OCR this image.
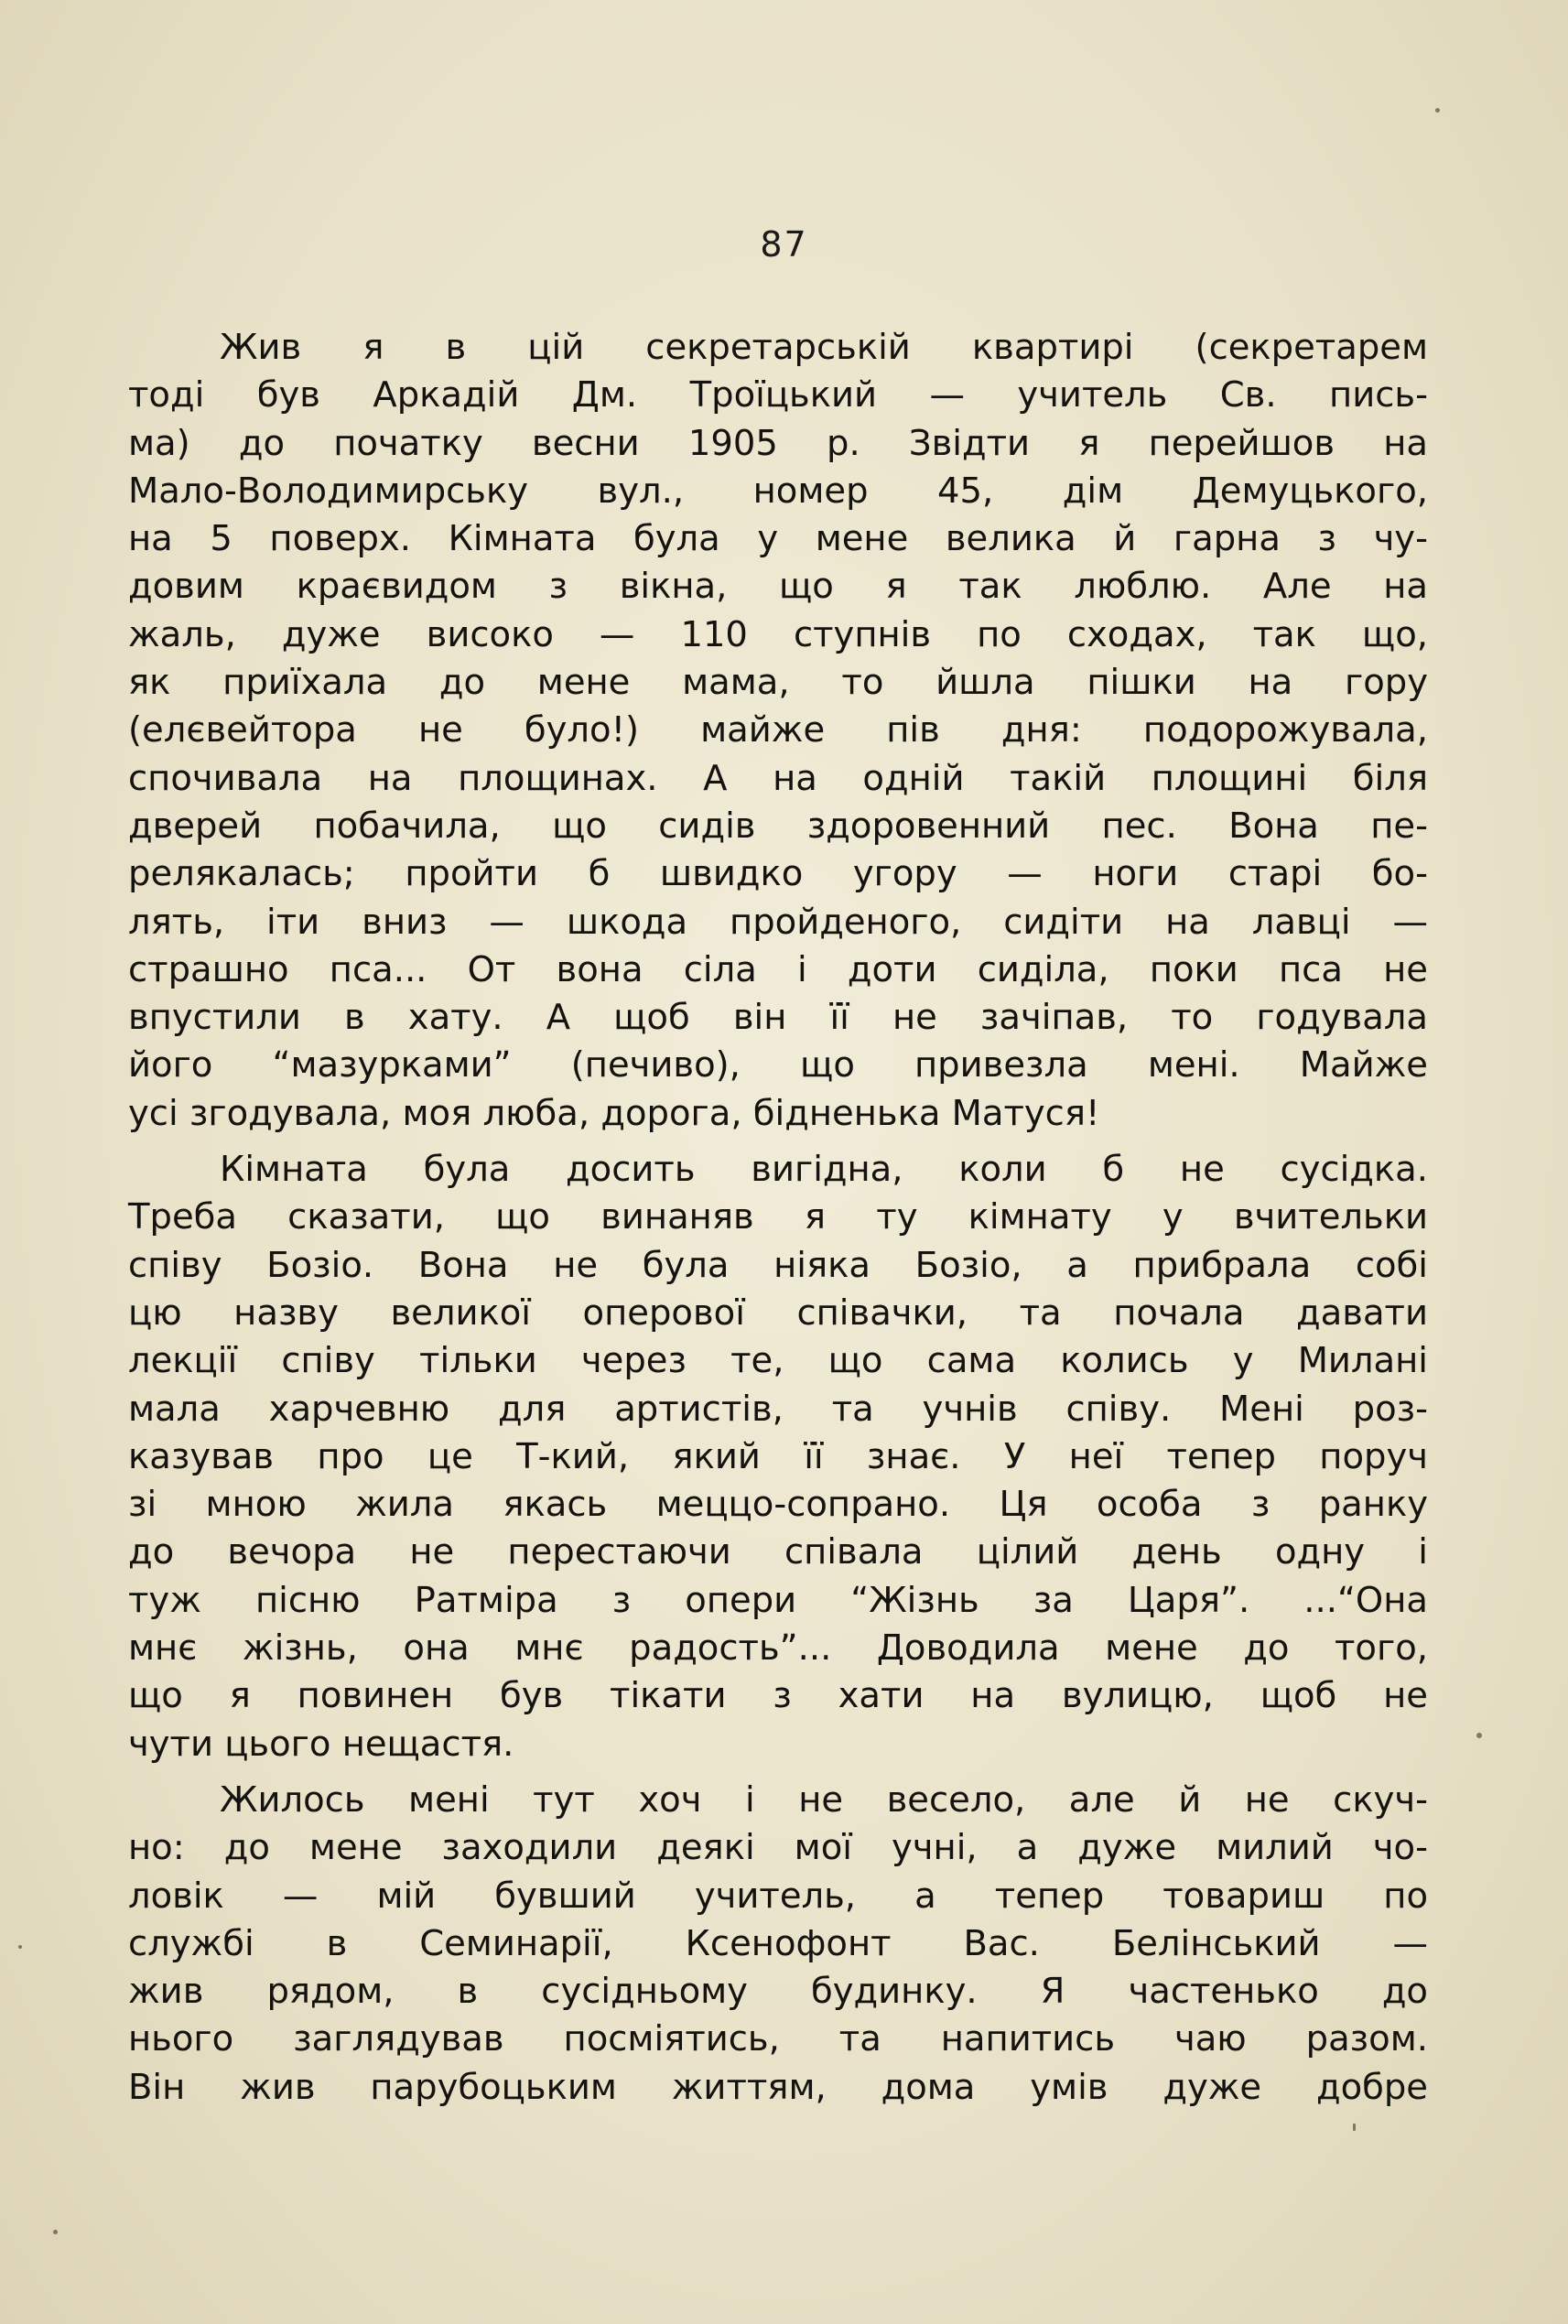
87
Жив я в цій секретарській квартирі (секретарем
тоді був Аркадій Дм. Троїцький — учитель Св. пись-
ма) до початку весни 1905 р. Звідти я перейшов на
Мало-Володимирську вул., номер 45, дім Демуцького,
на 5 поверх. Кімната була у мене велика й гарна з чу-
довим краєвидом з вікна, що я так люблю. Але на
жаль, дуже високо — 110 ступнів по сходах, так що,
як приїхала до мене мама, то йшла пішки на гору
(елєвейтора не було!) майже пів дня: подорожувала,
спочивала на площинах. А на одній такій площині біля
дверей побачила, що сидів здоровенний пес. Вона пе-
релякалась; пройти б швидко угору — ноги старі бо-
лять, іти вниз — шкода пройденого, сидіти на лавці —
страшно пса... От вона сіла і доти сиділа, поки пса не
впустили в хату. А щоб він її не зачіпав, то годувала
його “мазурками” (печиво), що привезла мені. Майже
усі згодувала, моя люба, дорога, бідненька Матуся!
Кімната була досить вигідна, коли б не сусідка.
Треба сказати, що винаняв я ту кімнату у вчительки
співу Бозіо. Вона не була ніяка Бозіо, а прибрала собі
цю назву великої оперової співачки, та почала давати
лекції співу тільки через те, що сама колись у Милані
мала харчевню для артистів, та учнів співу. Мені роз-
казував про це Т-кий, який її знає. У неї тепер поруч
зі мною жила якась меццо-сопрано. Ця особа з ранку
до вечора не перестаючи співала цілий день одну і
туж пісню Ратміра з опери “Жізнь за Царя”. ...“Она
мнє жізнь, она мнє радость”... Доводила мене до того,
що я повинен був тікати з хати на вулицю, щоб не
чути цього нещастя.
Жилось мені тут хоч і не весело, але й не скуч-
но: до мене заходили деякі мої учні, а дуже милий чо-
ловік — мій бувший учитель, а тепер товариш по
службі в Семинарії, Ксенофонт Вас. Белінський —
жив рядом, в сусідньому будинку. Я частенько до
нього заглядував посміятись, та напитись чаю разом.
Він жив парубоцьким життям, дома умів дуже добре
